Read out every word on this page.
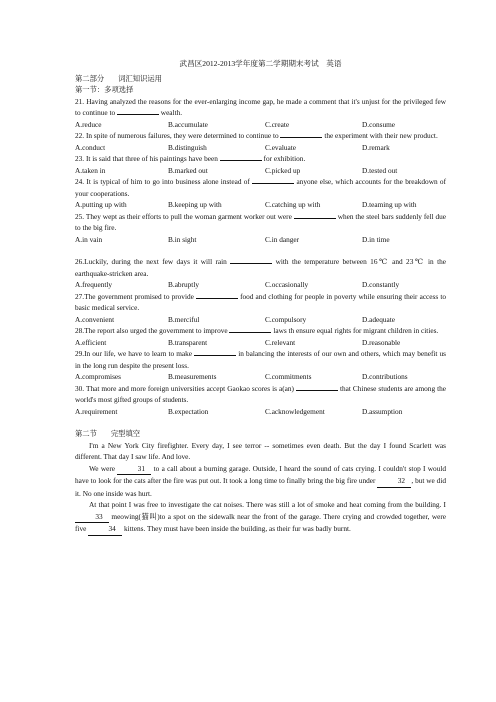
武昌区2012-2013学年度第二学期期末考试　英语

第二部分 词汇知识运用

第一节：多项选择

21. Having analyzed the reasons for the ever-enlarging income gap, he made a comment that it's unjust for the privileged few to continue to	wealth.

A.reduce	B.accumulate	C.create	D.consume

22. In spite of numerous failures, they were determined to continue to	the experiment with their new product.

A.conduct	B.distinguish	C.evaluate	D.remark

23. It is said that three of his paintings have been	for exhibition.

A.taken in	B.marked out	C.picked up	D.tested out

24. It is typical of him to go into business alone instead of	anyone else, which accounts for the breakdown of your cooperations.

A.putting up with	B.keeping up with	C.catching up with	D.teaming up with

25. They wept as their efforts to pull the woman garment worker out were	when the steel bars suddenly fell due to the big fire.

A.in vain	B.in sight	C.in danger	D.in time

26.Luckily, during the next few days it will rain	with the temperature between 16℃ and 23℃ in the earthquake-stricken area.

A.frequently	B.abruptly	C.occasionally	D.constantly

27.The government promised to provide	food and clothing for people in poverty while ensuring their access to basic medical service.

A.convenient	B.merciful	C.compulsory	D.adequate

28.The report also urged the government to improve	laws th ensure equal rights for migrant children in cities.

A.efficient	B.transparent	C.relevant	D.reasonable

29.In our life, we have to learn to make	in balancing the interests of our own and others, which may benefit us in the long run despite the present loss.

A.compromises	B.measurements	C.commitments	D.contributions

30. That more and more foreign universities accept Gaokao scores is a(an)	that Chinese students are among the world's most gifted groups of students.

A.requirement	B.expectation	C.acknowledgement	D.assumption

第二节 完型填空

I'm a New York City firefighter. Every day, I see terror -- sometimes even death. But the day I found Scarlett was different. That day I saw life. And love.

We were	31 to a call about a burning garage. Outside, I heard the sound of cats crying. I couldn't stop I would have to look for the cats after the fire was put out. It took a long time to finally bring the big fire under	32 , but we did it. No one inside was hurt.

At that point I was free to investigate the cat noises. There was still a lot of smoke and heat coming from the building. I 33 meowing(猫叫)to a spot on the sidewalk near the front of the garage. There crying and crowded together, were five	34 kittens. They must have been inside the building, as their fur was badly burnt.
